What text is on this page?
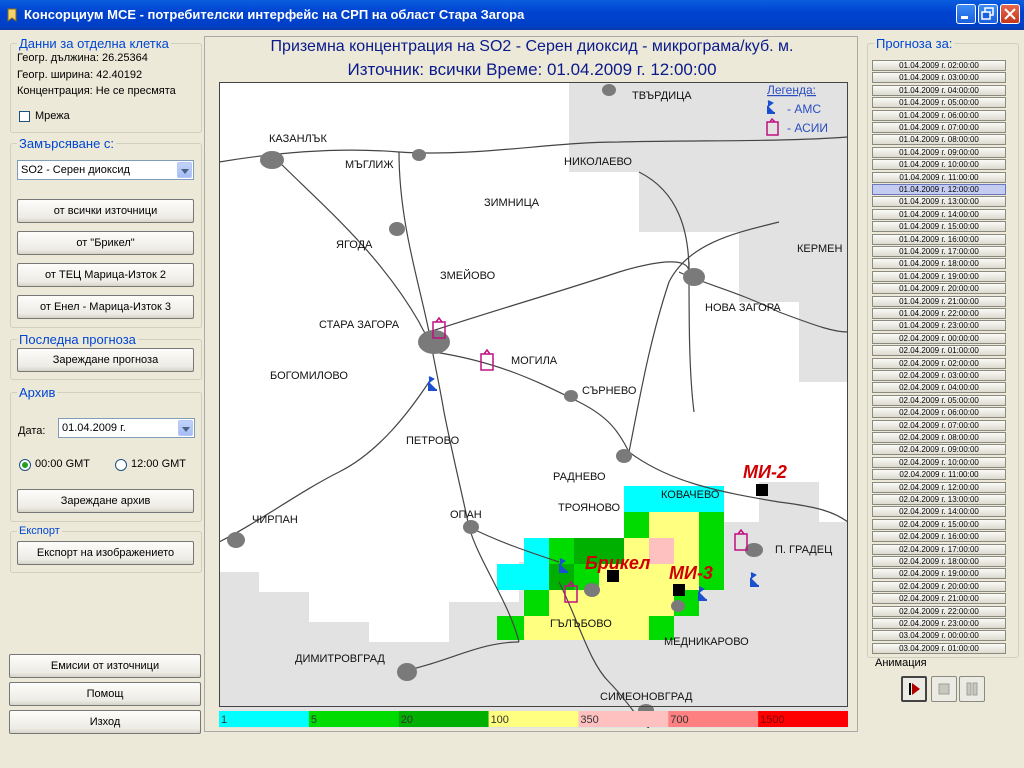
Консорциум МСЕ - потребителски интерфейс на СРП на област Стара Загора
Данни за отделна клетка
Геогр. дължина: 26.25364
Геогр. ширина: 42.40192
Концентрация: Не се пресмята
Мрежа
Замърсяване с:
SO2 - Серен диоксид
от всички източници
от "Брикел"
от ТЕЦ Марица-Изток 2
от Енел - Марица-Изток 3
Последна прогноза
Зареждане прогноза
Архив
Дата: 01.04.2009 г.
00:00 GMT	12:00 GMT
Зареждане архив
Експорт
Експорт на изображението
Емисии от източници
Помощ
Изход
Приземна концентрация на SO2 - Серен диоксид - микрограма/куб. м.
Източник: всички Време: 01.04.2009 г. 12:00:00
ТВЪРДИЦА
КАЗАНЛЪК
МЪГЛИЖ	НИКОЛАЕВО
ЗИМНИЦА
ЯГОДА
ЗМЕЙОВО
КЕРМЕН
НОВА ЗАГОРА
СТАРА ЗАГОРА
МОГИЛА
БОГОМИЛОВО
СЪРНЕВО
ПЕТРОВО
РАДНЕВО
КОВАЧЕВО
ЧИРПАН	ОПАН
ТРОЯНОВО
П. ГРАДЕЦ
ГЪЛЪБОВО
МЕДНИКАРОВО
ДИМИТРОВГРАД
СИМЕОНОВГРАД
МИ-2
Брикел МИ-3
Легенда:
- АМС
- АСИИ
1	5	20	100	350	700	1500
Прогноза за:
01.04.2009 г. 02:00:00
01.04.2009 г. 03:00:00
01.04.2009 г. 04:00:00
01.04.2009 г. 05:00:00
01.04.2009 г. 06:00:00
01.04.2009 г. 07:00:00
01.04.2009 г. 08:00:00
01.04.2009 г. 09:00:00
01.04.2009 г. 10:00:00
01.04.2009 г. 11:00:00
01.04.2009 г. 12:00:00
01.04.2009 г. 13:00:00
01.04.2009 г. 14:00:00
01.04.2009 г. 15:00:00
01.04.2009 г. 16:00:00
01.04.2009 г. 17:00:00
01.04.2009 г. 18:00:00
01.04.2009 г. 19:00:00
01.04.2009 г. 20:00:00
01.04.2009 г. 21:00:00
01.04.2009 г. 22:00:00
01.04.2009 г. 23:00:00
02.04.2009 г. 00:00:00
02.04.2009 г. 01:00:00
02.04.2009 г. 02:00:00
02.04.2009 г. 03:00:00
02.04.2009 г. 04:00:00
02.04.2009 г. 05:00:00
02.04.2009 г. 06:00:00
02.04.2009 г. 07:00:00
02.04.2009 г. 08:00:00
02.04.2009 г. 09:00:00
02.04.2009 г. 10:00:00
02.04.2009 г. 11:00:00
02.04.2009 г. 12:00:00
02.04.2009 г. 13:00:00
02.04.2009 г. 14:00:00
02.04.2009 г. 15:00:00
02.04.2009 г. 16:00:00
02.04.2009 г. 17:00:00
02.04.2009 г. 18:00:00
02.04.2009 г. 19:00:00
02.04.2009 г. 20:00:00
02.04.2009 г. 21:00:00
02.04.2009 г. 22:00:00
02.04.2009 г. 23:00:00
03.04.2009 г. 00:00:00
03.04.2009 г. 01:00:00
Анимация
